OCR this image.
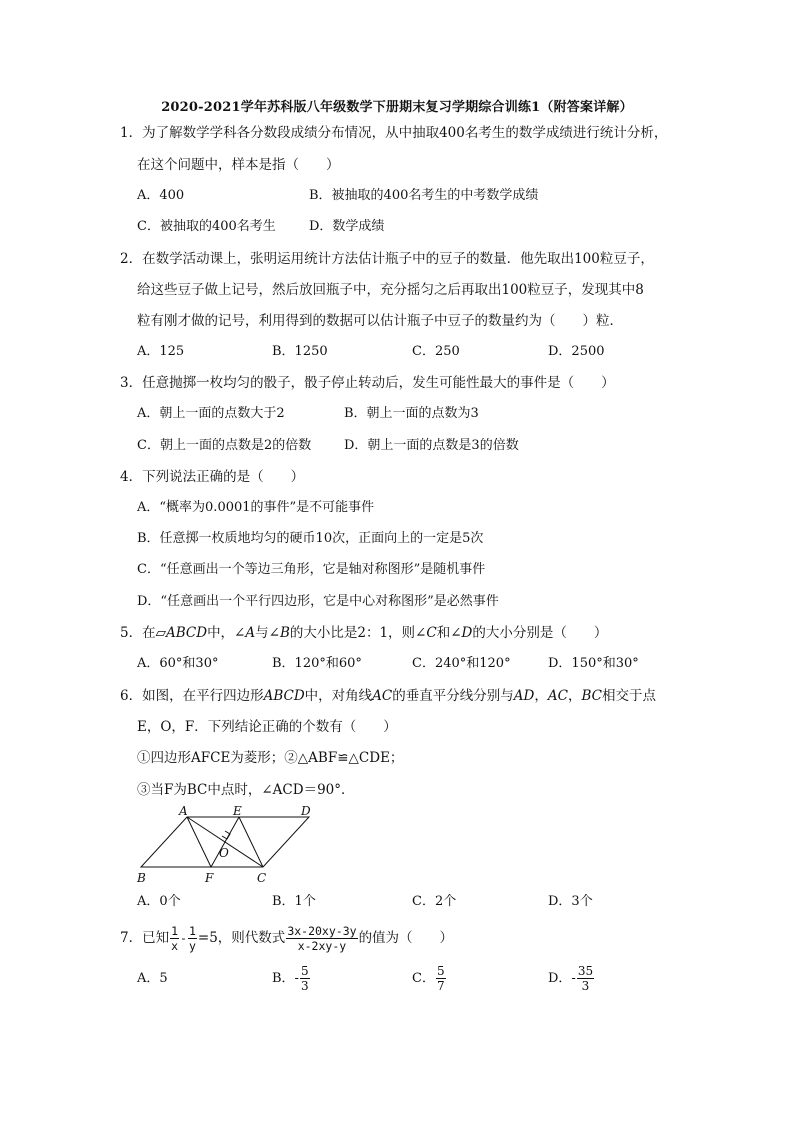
2020-2021学年苏科版八年级数学下册期末复习学期综合训练1（附答案详解）
1．为了解数学学科各分数段成绩分布情况，从中抽取400名考生的数学成绩进行统计分析，
在这个问题中，样本是指（　　）
A．400	B．被抽取的400名考生的中考数学成绩
C．被抽取的400名考生	D．数学成绩
2．在数学活动课上，张明运用统计方法估计瓶子中的豆子的数量．他先取出100粒豆子，
给这些豆子做上记号，然后放回瓶子中，充分摇匀之后再取出100粒豆子，发现其中8
粒有刚才做的记号，利用得到的数据可以估计瓶子中豆子的数量约为（　　）粒．
A．125	B．1250	C．250	D．2500
3．任意抛掷一枚均匀的骰子，骰子停止转动后，发生可能性最大的事件是（　　）
A．朝上一面的点数大于2	B．朝上一面的点数为3
C．朝上一面的点数是2的倍数	D．朝上一面的点数是3的倍数
4．下列说法正确的是（　　）
A．“概率为0.0001的事件”是不可能事件
B．任意掷一枚质地均匀的硬币10次，正面向上的一定是5次
C．“任意画出一个等边三角形，它是轴对称图形”是随机事件
D．“任意画出一个平行四边形，它是中心对称图形”是必然事件
5．在▱ABCD中，∠A与∠B的大小比是2：1，则∠C和∠D的大小分别是（　　）
A．60°和30°	B．120°和60°	C．240°和120°	D．150°和30°
6．如图，在平行四边形ABCD中，对角线AC的垂直平分线分别与AD，AC，BC相交于点
E，O，F．下列结论正确的个数有（　　）
①四边形AFCE为菱形；②△ABF≌△CDE；
③当F为BC中点时，∠ACD＝90°．
A	E	D
O
B	F	C
A．0个	B．1个	C．2个	D．3个
7．已知 $\frac{1}{x} - \frac{1}{y} =5$，则代数式 $\frac{3x-20xy-3y}{x-2xy-y}$ 的值为（　　）
A．5	B．- $\frac{5}{3}$	C． $\frac{5}{7}$	D．- $\frac{35}{3}$
